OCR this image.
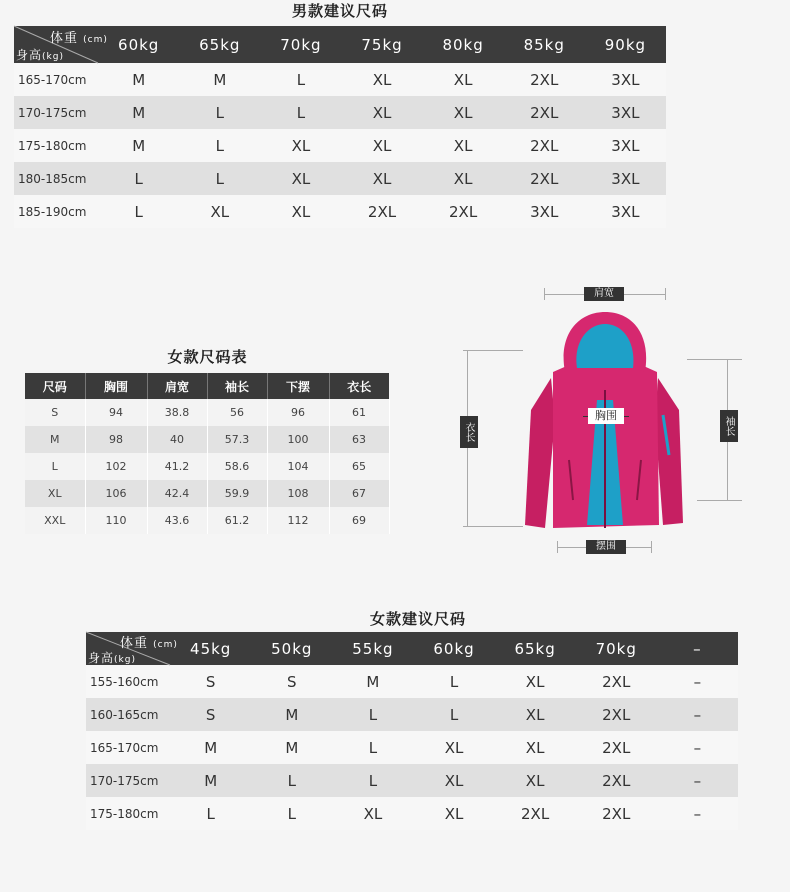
男款建议尺码
体重 (cm)
身高(kg)	60kg	65kg	70kg	75kg	80kg	85kg	90kg
165-170cm	M	M	L	XL	XL	2XL	3XL
170-175cm	M	L	L	XL	XL	2XL	3XL
175-180cm	M	L	XL	XL	XL	2XL	3XL
180-185cm	L	L	XL	XL	XL	2XL	3XL
185-190cm	L	XL	XL	2XL	2XL	3XL	3XL
女款尺码表
尺码	胸围	肩宽	袖长	下摆	衣长
S	94	38.8	56	96	61
M	98	40	57.3	100	63
L	102	41.2	58.6	104	65
XL	106	42.4	59.9	108	67
XXL	110	43.6	61.2	112	69
肩宽
衣长	袖长
胸围
摆围
女款建议尺码
体重 (cm)
身高(kg)	45kg	50kg	55kg	60kg	65kg	70kg	–
155-160cm	S	S	M	L	XL	2XL	–
160-165cm	S	M	L	L	XL	2XL	–
165-170cm	M	M	L	XL	XL	2XL	–
170-175cm	M	L	L	XL	XL	2XL	–
175-180cm	L	L	XL	XL	2XL	2XL	–
